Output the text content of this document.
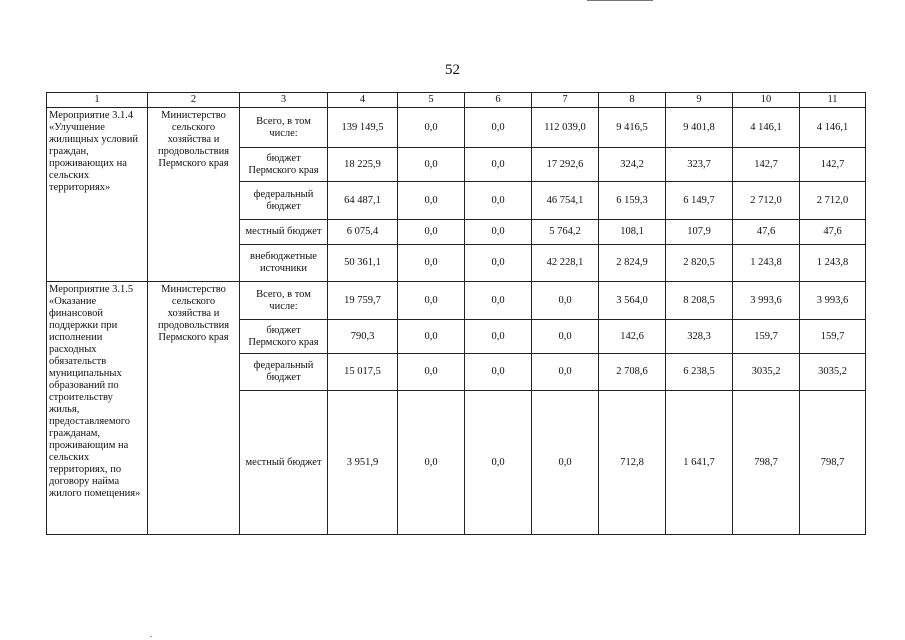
52
1	2	3	4	5	6	7	8	9	10	11
Мероприятие 3.1.4 «Улучшение жилищных условий граждан, проживающих на сельских территориях»	Министерство сельского хозяйства и продовольствия Пермского края	Всего, в том числе:	139 149,5	0,0	0,0	112 039,0	9 416,5	9 401,8	4 146,1	4 146,1
		бюджет Пермского края	18 225,9	0,0	0,0	17 292,6	324,2	323,7	142,7	142,7
		федеральный бюджет	64 487,1	0,0	0,0	46 754,1	6 159,3	6 149,7	2 712,0	2 712,0
		местный бюджет	6 075,4	0,0	0,0	5 764,2	108,1	107,9	47,6	47,6
		внебюджетные источники	50 361,1	0,0	0,0	42 228,1	2 824,9	2 820,5	1 243,8	1 243,8
Мероприятие 3.1.5 «Оказание финансовой поддержки при исполнении расходных обязательств муниципальных образований по строительству жилья, предоставляемого гражданам, проживающим на сельских территориях, по договору найма жилого помещения»	Министерство сельского хозяйства и продовольствия Пермского края	Всего, в том числе:	19 759,7	0,0	0,0	0,0	3 564,0	8 208,5	3 993,6	3 993,6
		бюджет Пермского края	790,3	0,0	0,0	0,0	142,6	328,3	159,7	159,7
		федеральный бюджет	15 017,5	0,0	0,0	0,0	2 708,6	6 238,5	3035,2	3035,2
		местный бюджет	3 951,9	0,0	0,0	0,0	712,8	1 641,7	798,7	798,7
